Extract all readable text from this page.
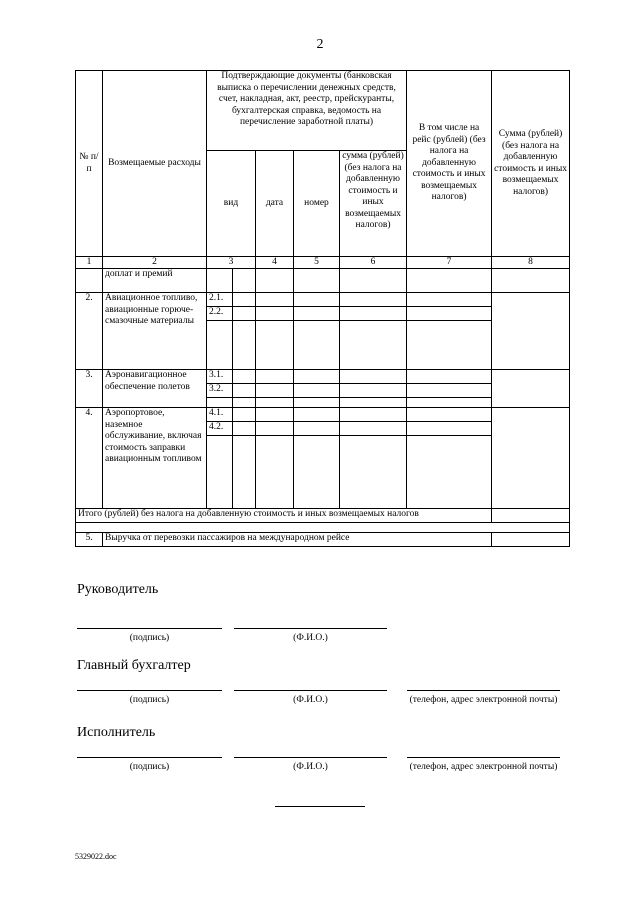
2
№ п/п	Возмещаемые расходы	Подтверждающие документы (банковская выписка о перечислении денежных средств, счет, накладная, акт, реестр, прейскуранты, бухгалтерская справка, ведомость на перечисление заработной платы)					В том числе на рейс (рублей) (без налога на добавленную стоимость и иных возмещаемых налогов)	Сумма (рублей) (без налога на добавленную стоимость и иных возмещаемых налогов)
		вид		дата	номер	сумма (рублей) (без налога на добавленную стоимость и иных возмещаемых налогов)		
1	2	3		4	5	6	7	8
	доплат и премий							
2.	Авиационное топливо, авиационные горюче-смазочные материалы	2.1.						
		2.2.						

3.	Аэронавигационное обеспечение полетов	3.1.						
		3.2.						

4.	Аэропортовое, наземное обслуживание, включая стоимость заправки авиационным топливом	4.1.						
		4.2.						

Итого (рублей) без налога на добавленную стоимость и иных возмещаемых налогов								

5.	Выручка от перевозки пассажиров на международном рейсе							
Руководитель
(подпись)	(Ф.И.О.)
Главный бухгалтер
(подпись)	(Ф.И.О.)	(телефон, адрес электронной почты)
Исполнитель
(подпись)	(Ф.И.О.)	(телефон, адрес электронной почты)
5329022.doc
